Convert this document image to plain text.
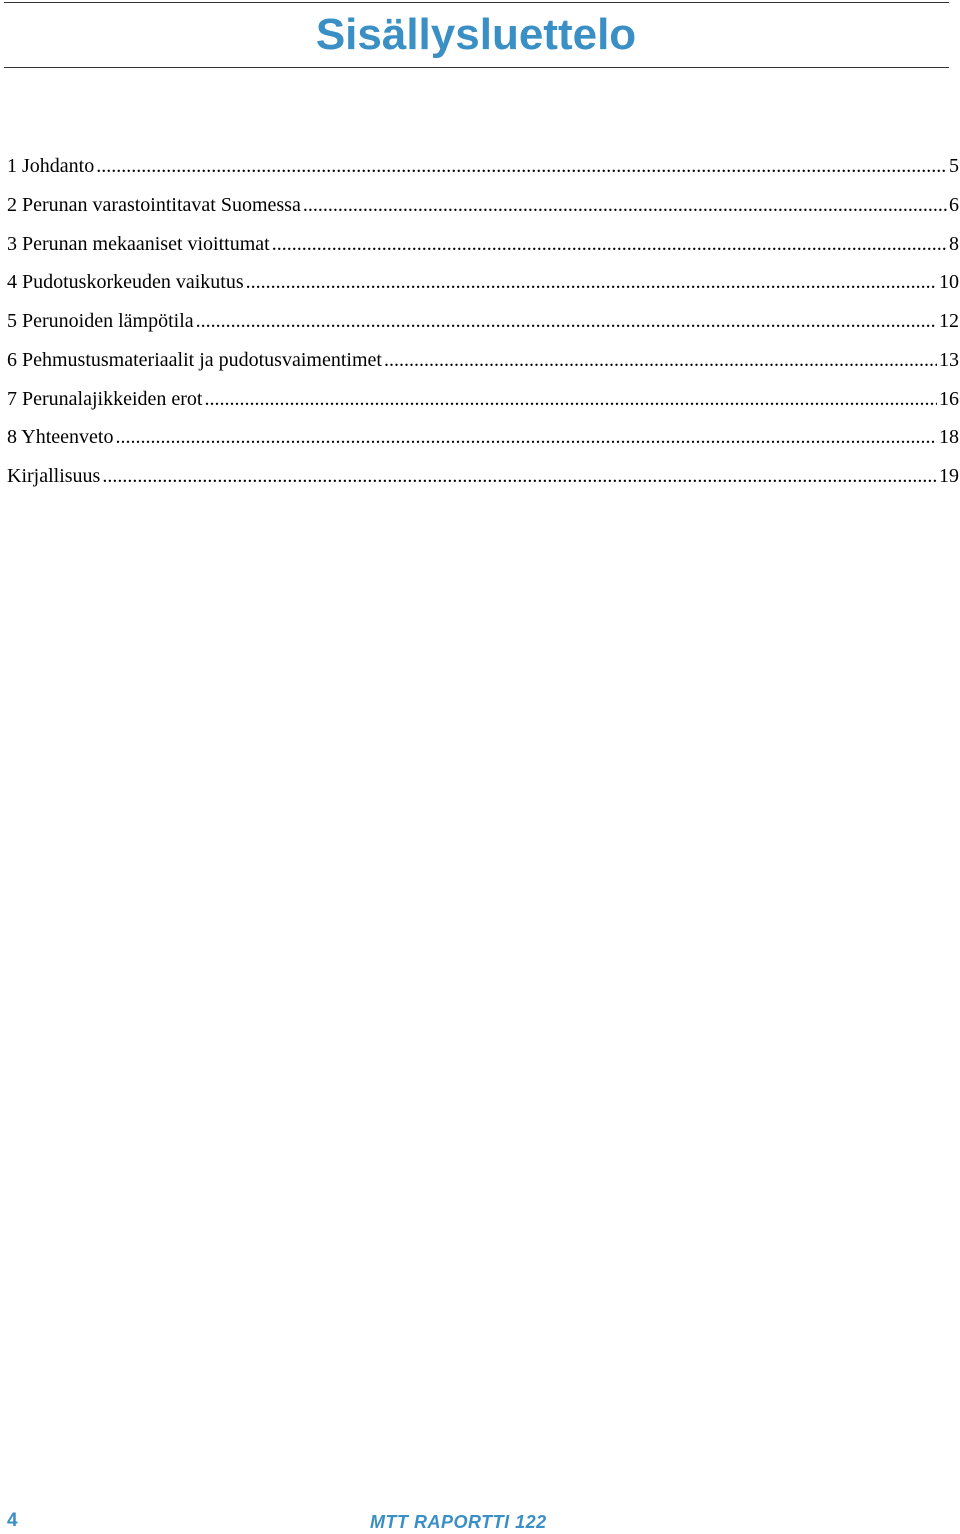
Sisällysluettelo
1 Johdanto .....	5
2 Perunan varastointitavat Suomessa .....	6
3 Perunan mekaaniset vioittumat .....	8
4 Pudotuskorkeuden vaikutus .....	10
5 Perunoiden lämpötila .....	12
6 Pehmustusmateriaalit ja pudotusvaimentimet .....	13
7 Perunalajikkeiden erot .....	16
8 Yhteenveto .....	18
Kirjallisuus .....	19
4	MTT RAPORTTI 122
